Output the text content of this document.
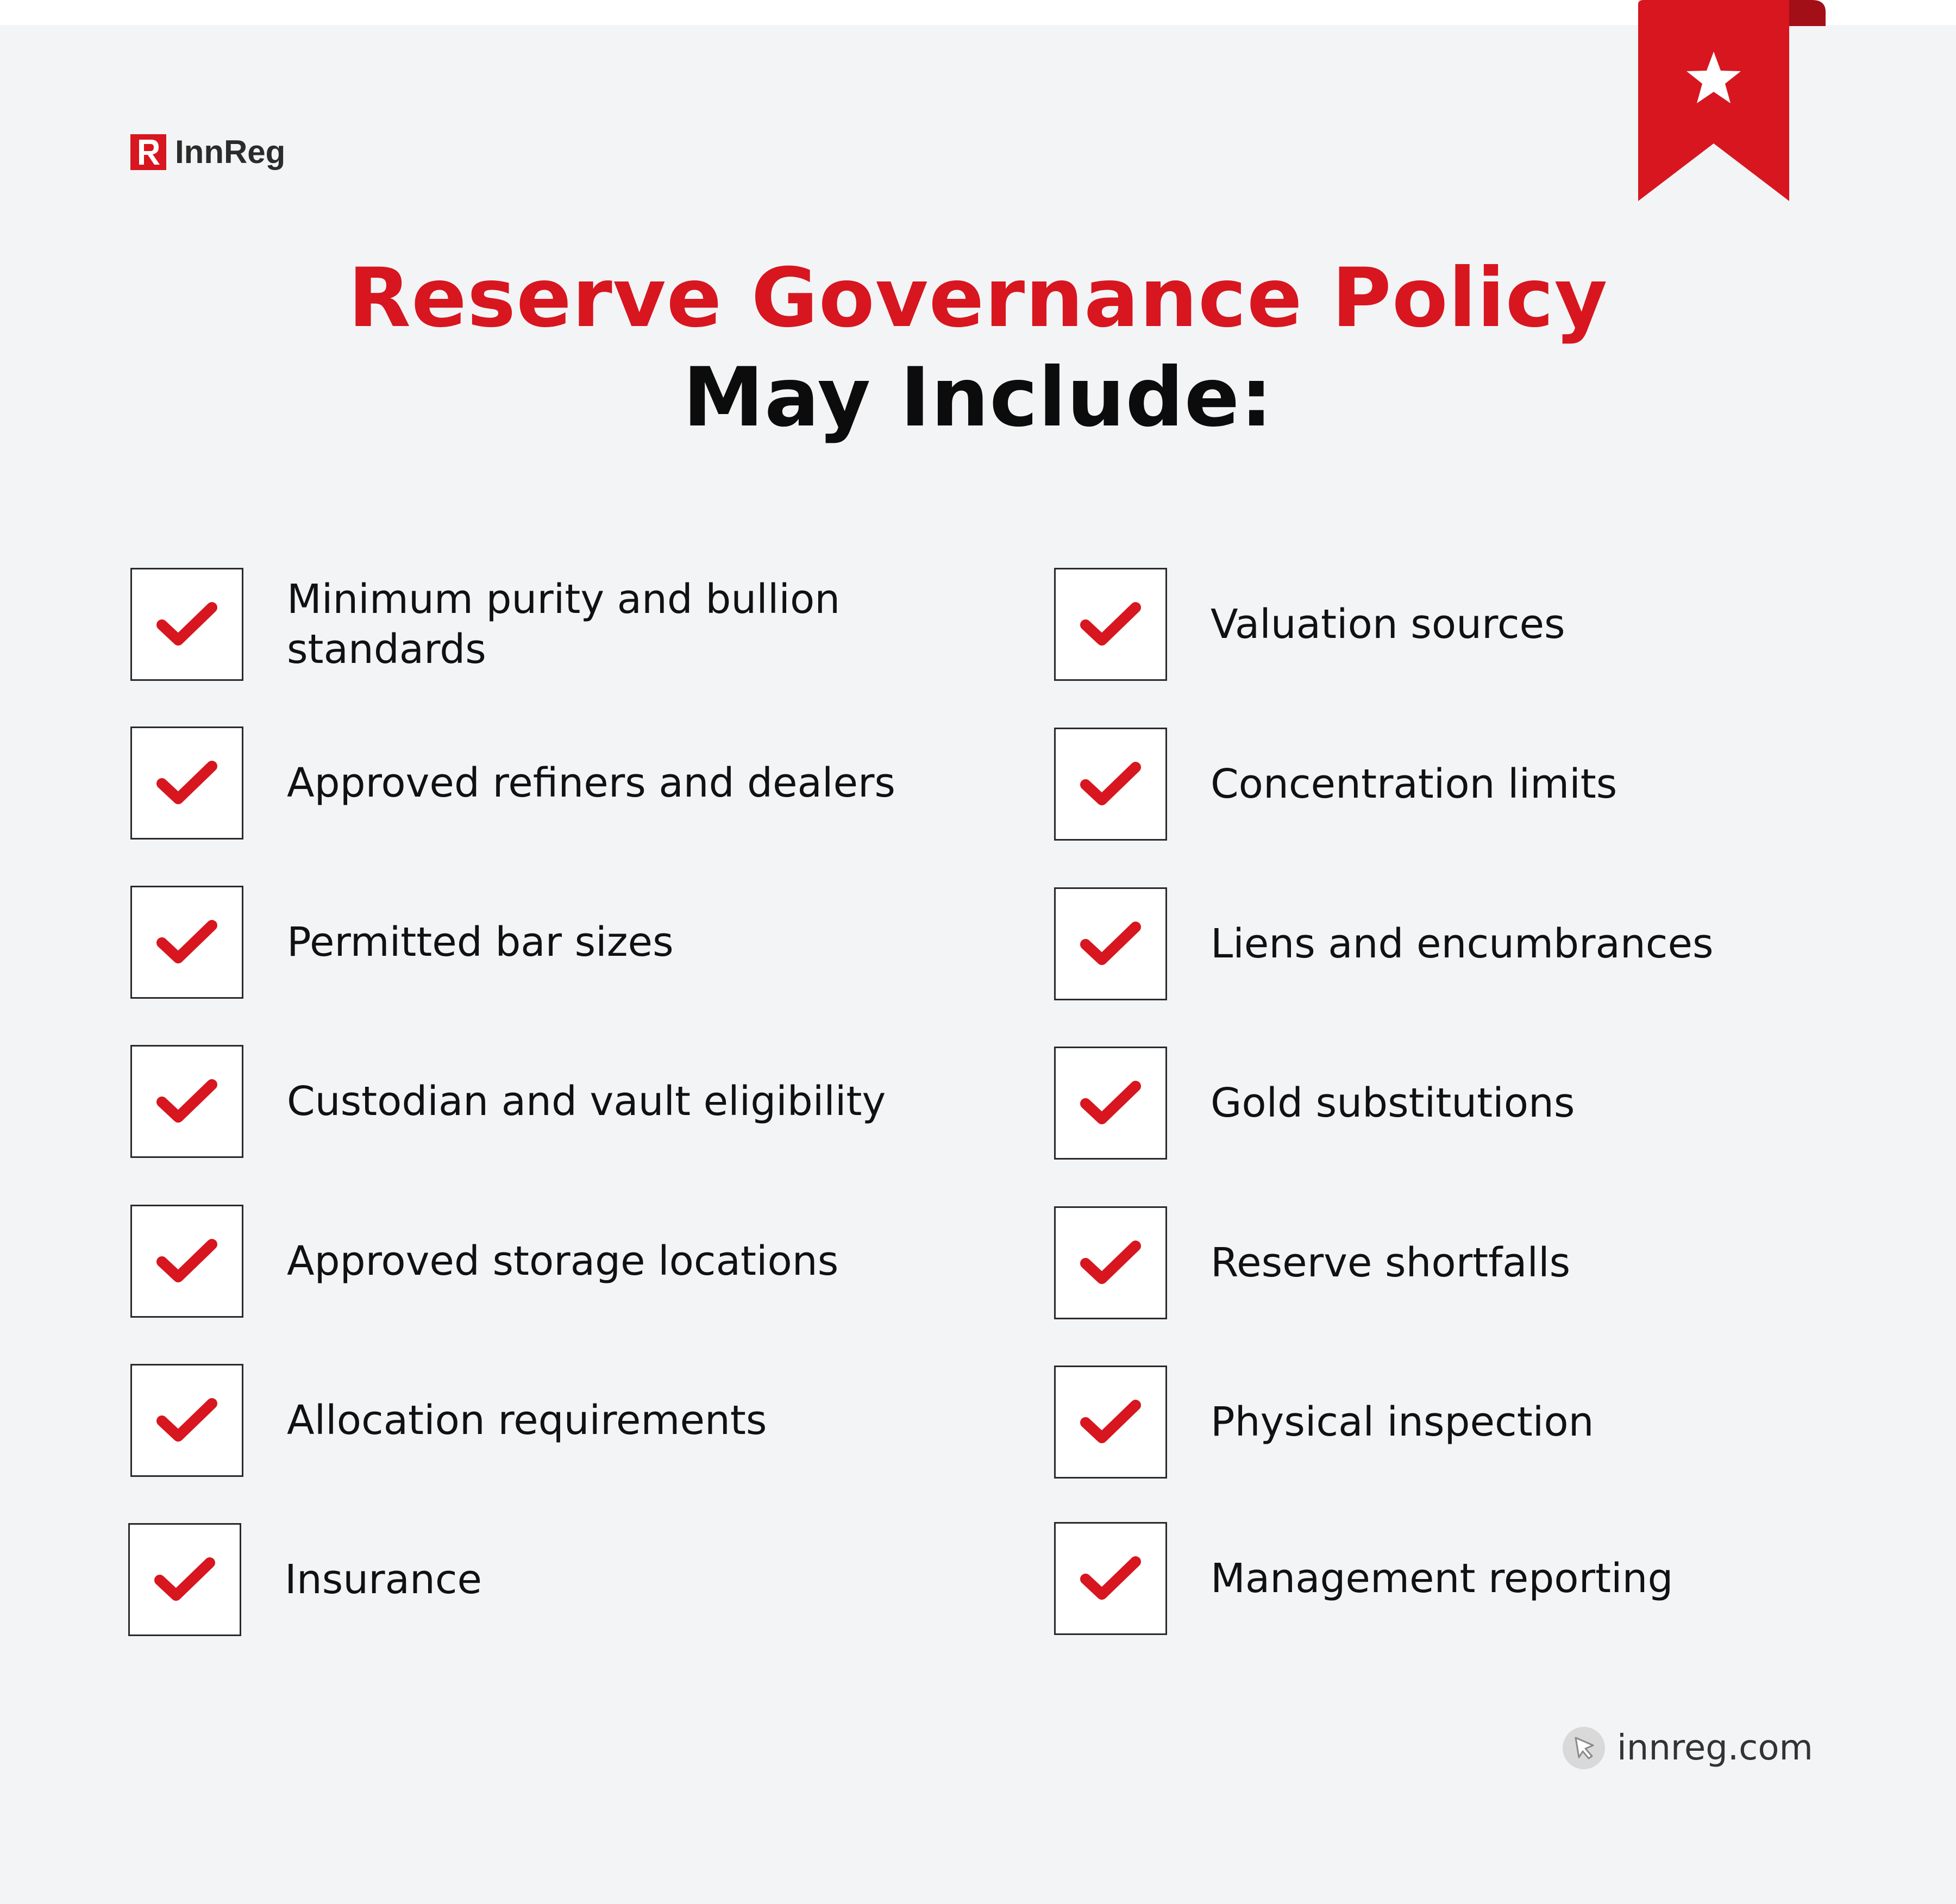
InnReg
Reserve Governance Policy
May Include:
Minimum purity and bullion standards
Approved refiners and dealers
Permitted bar sizes
Custodian and vault eligibility
Approved storage locations
Allocation requirements
Insurance
Valuation sources
Concentration limits
Liens and encumbrances
Gold substitutions
Reserve shortfalls
Physical inspection
Management reporting
innreg.com
